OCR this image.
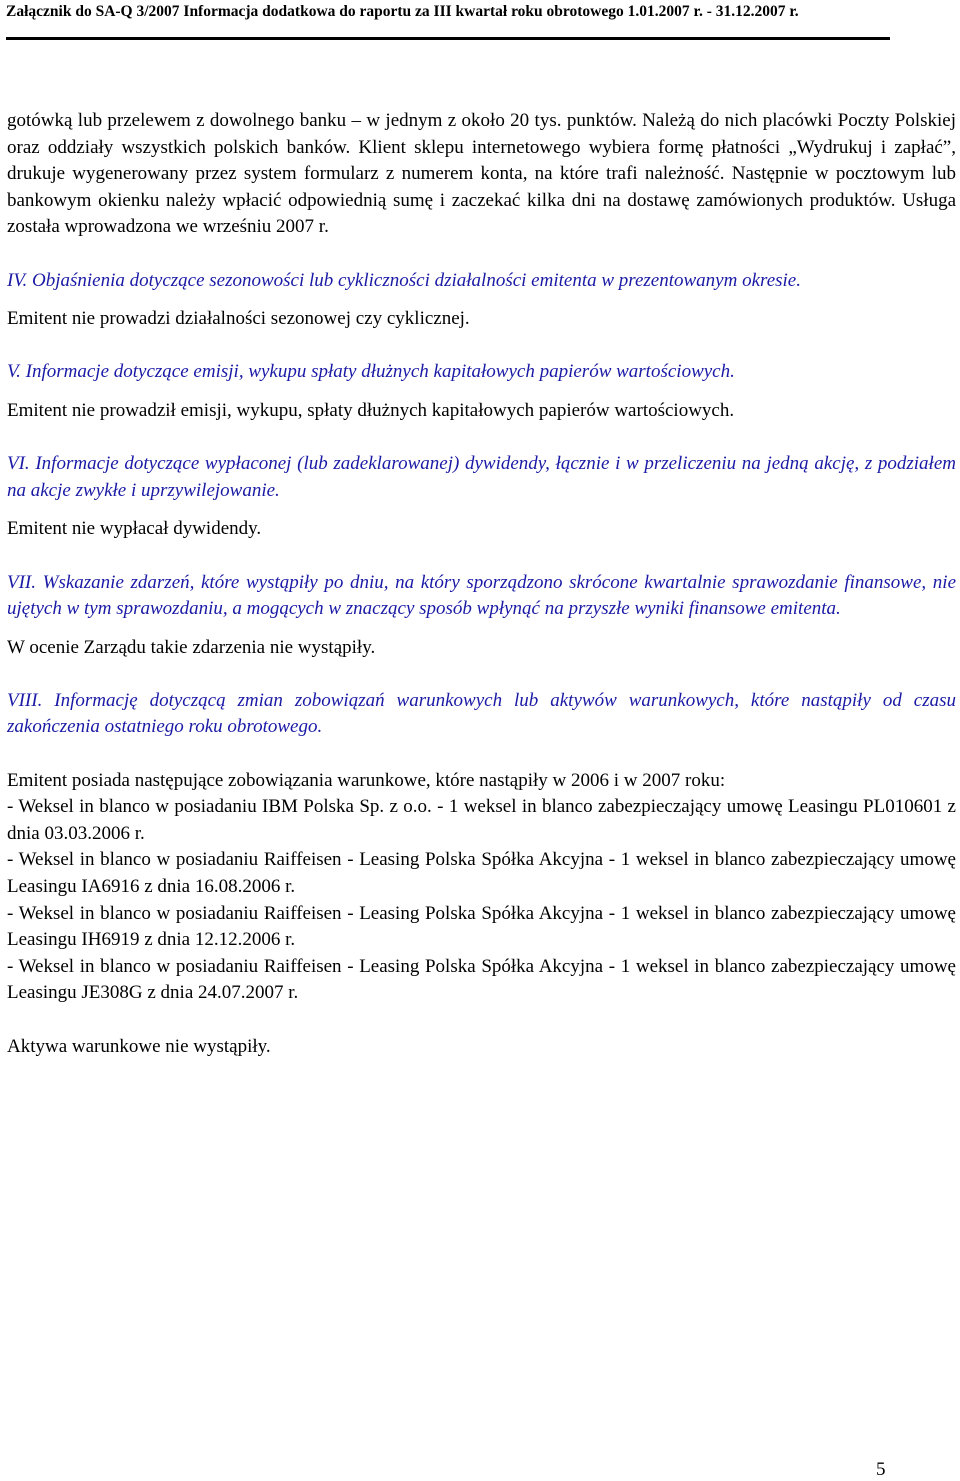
Załącznik do SA-Q 3/2007 Informacja dodatkowa do raportu za III kwartał roku obrotowego 1.01.2007 r. - 31.12.2007 r.

gotówką lub przelewem z dowolnego banku – w jednym z około 20 tys. punktów. Należą do nich placówki Poczty Polskiej oraz oddziały wszystkich polskich banków. Klient sklepu internetowego wybiera formę płatności „Wydrukuj i zapłać”, drukuje wygenerowany przez system formularz z numerem konta, na które trafi należność. Następnie w pocztowym lub bankowym okienku należy wpłacić odpowiednią sumę i zaczekać kilka dni na dostawę zamówionych produktów. Usługa została wprowadzona we wrześniu 2007 r.

IV. Objaśnienia dotyczące sezonowości lub cykliczności działalności emitenta w prezentowanym okresie.

Emitent nie prowadzi działalności sezonowej czy cyklicznej.

V. Informacje dotyczące emisji, wykupu spłaty dłużnych kapitałowych papierów wartościowych.

Emitent nie prowadził emisji, wykupu, spłaty dłużnych kapitałowych papierów wartościowych.

VI. Informacje dotyczące wypłaconej (lub zadeklarowanej) dywidendy, łącznie i w przeliczeniu na jedną akcję, z podziałem na akcje zwykłe i uprzywilejowanie.

Emitent nie wypłacał dywidendy.

VII. Wskazanie zdarzeń, które wystąpiły po dniu, na który sporządzono skrócone kwartalnie sprawozdanie finansowe, nie ujętych w tym sprawozdaniu, a mogących w znaczący sposób wpłynąć na przyszłe wyniki finansowe emitenta.

W ocenie Zarządu takie zdarzenia nie wystąpiły.

VIII. Informację dotyczącą zmian zobowiązań warunkowych lub aktywów warunkowych, które nastąpiły od czasu zakończenia ostatniego roku obrotowego.

Emitent posiada następujące zobowiązania warunkowe, które nastąpiły w 2006 i w 2007 roku:

- Weksel in blanco w posiadaniu IBM Polska Sp. z o.o. - 1 weksel in blanco zabezpieczający umowę Leasingu PL010601 z dnia 03.03.2006 r.

- Weksel in blanco w posiadaniu Raiffeisen - Leasing Polska Spółka Akcyjna - 1 weksel in blanco zabezpieczający umowę Leasingu IA6916 z dnia 16.08.2006 r.

- Weksel in blanco w posiadaniu Raiffeisen - Leasing Polska Spółka Akcyjna - 1 weksel in blanco zabezpieczający umowę Leasingu IH6919 z dnia 12.12.2006 r.

- Weksel in blanco w posiadaniu Raiffeisen - Leasing Polska Spółka Akcyjna - 1 weksel in blanco zabezpieczający umowę Leasingu JE308G z dnia 24.07.2007 r.

Aktywa warunkowe nie wystąpiły.

5
